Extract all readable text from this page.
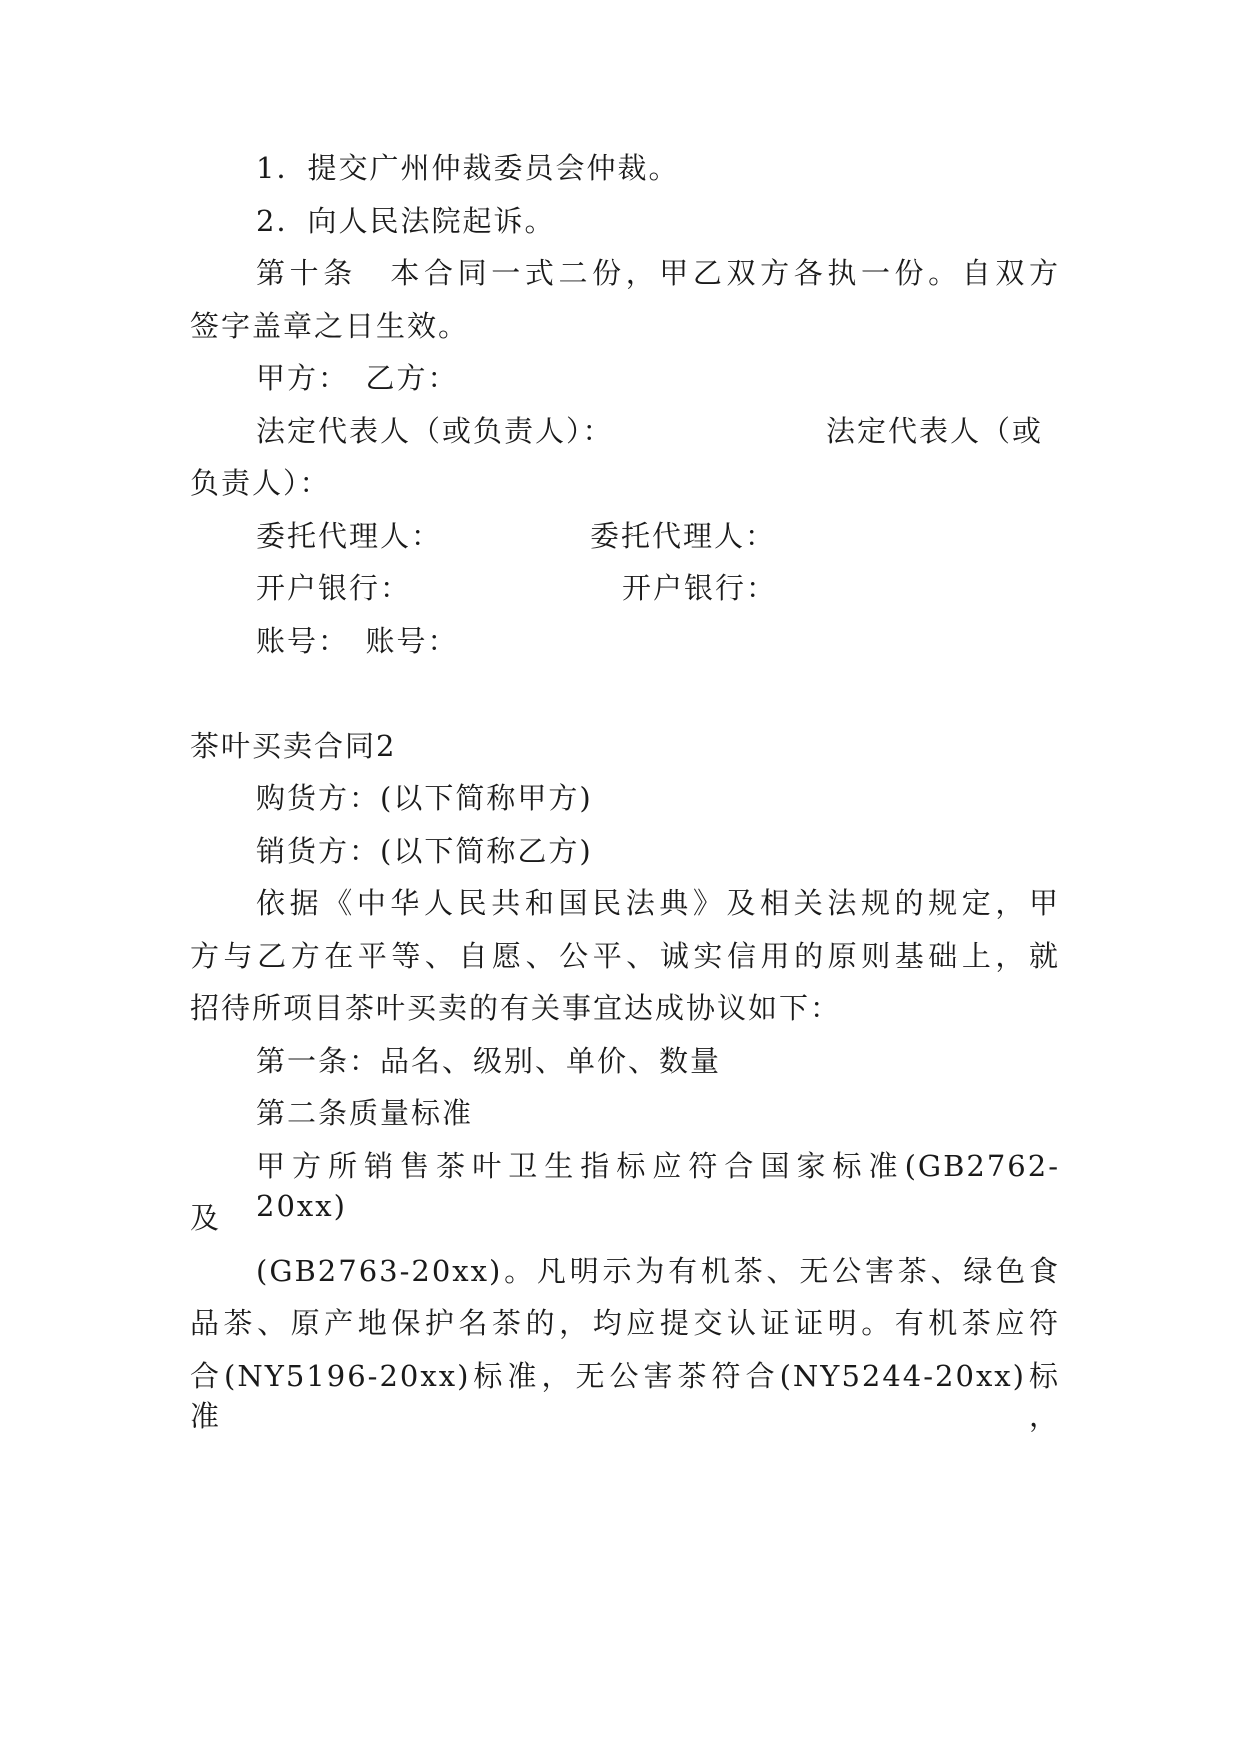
1．提交广州仲裁委员会仲裁。
2．向人民法院起诉。
第十条　本合同一式二份，甲乙双方各执一份。自双方
签字盖章之日生效。
甲方：　乙方：
法定代表人（或负责人）：	法定代表人（或
负责人）：
委托代理人：	委托代理人：
开户银行：	开户银行：
账号：　账号：
茶叶买卖合同2
购货方：(以下简称甲方)
销货方：(以下简称乙方)
依据《中华人民共和国民法典》及相关法规的规定，甲
方与乙方在平等、自愿、公平、诚实信用的原则基础上，就
招待所项目茶叶买卖的有关事宜达成协议如下：
第一条：品名、级别、单价、数量
第二条质量标准
甲方所销售茶叶卫生指标应符合国家标准(GB2762-20xx)
及
(GB2763-20xx)。凡明示为有机茶、无公害茶、绿色食
品茶、原产地保护名茶的，均应提交认证证明。有机茶应符
合(NY5196-20xx)标准，无公害茶符合(NY5244-20xx)标准，
